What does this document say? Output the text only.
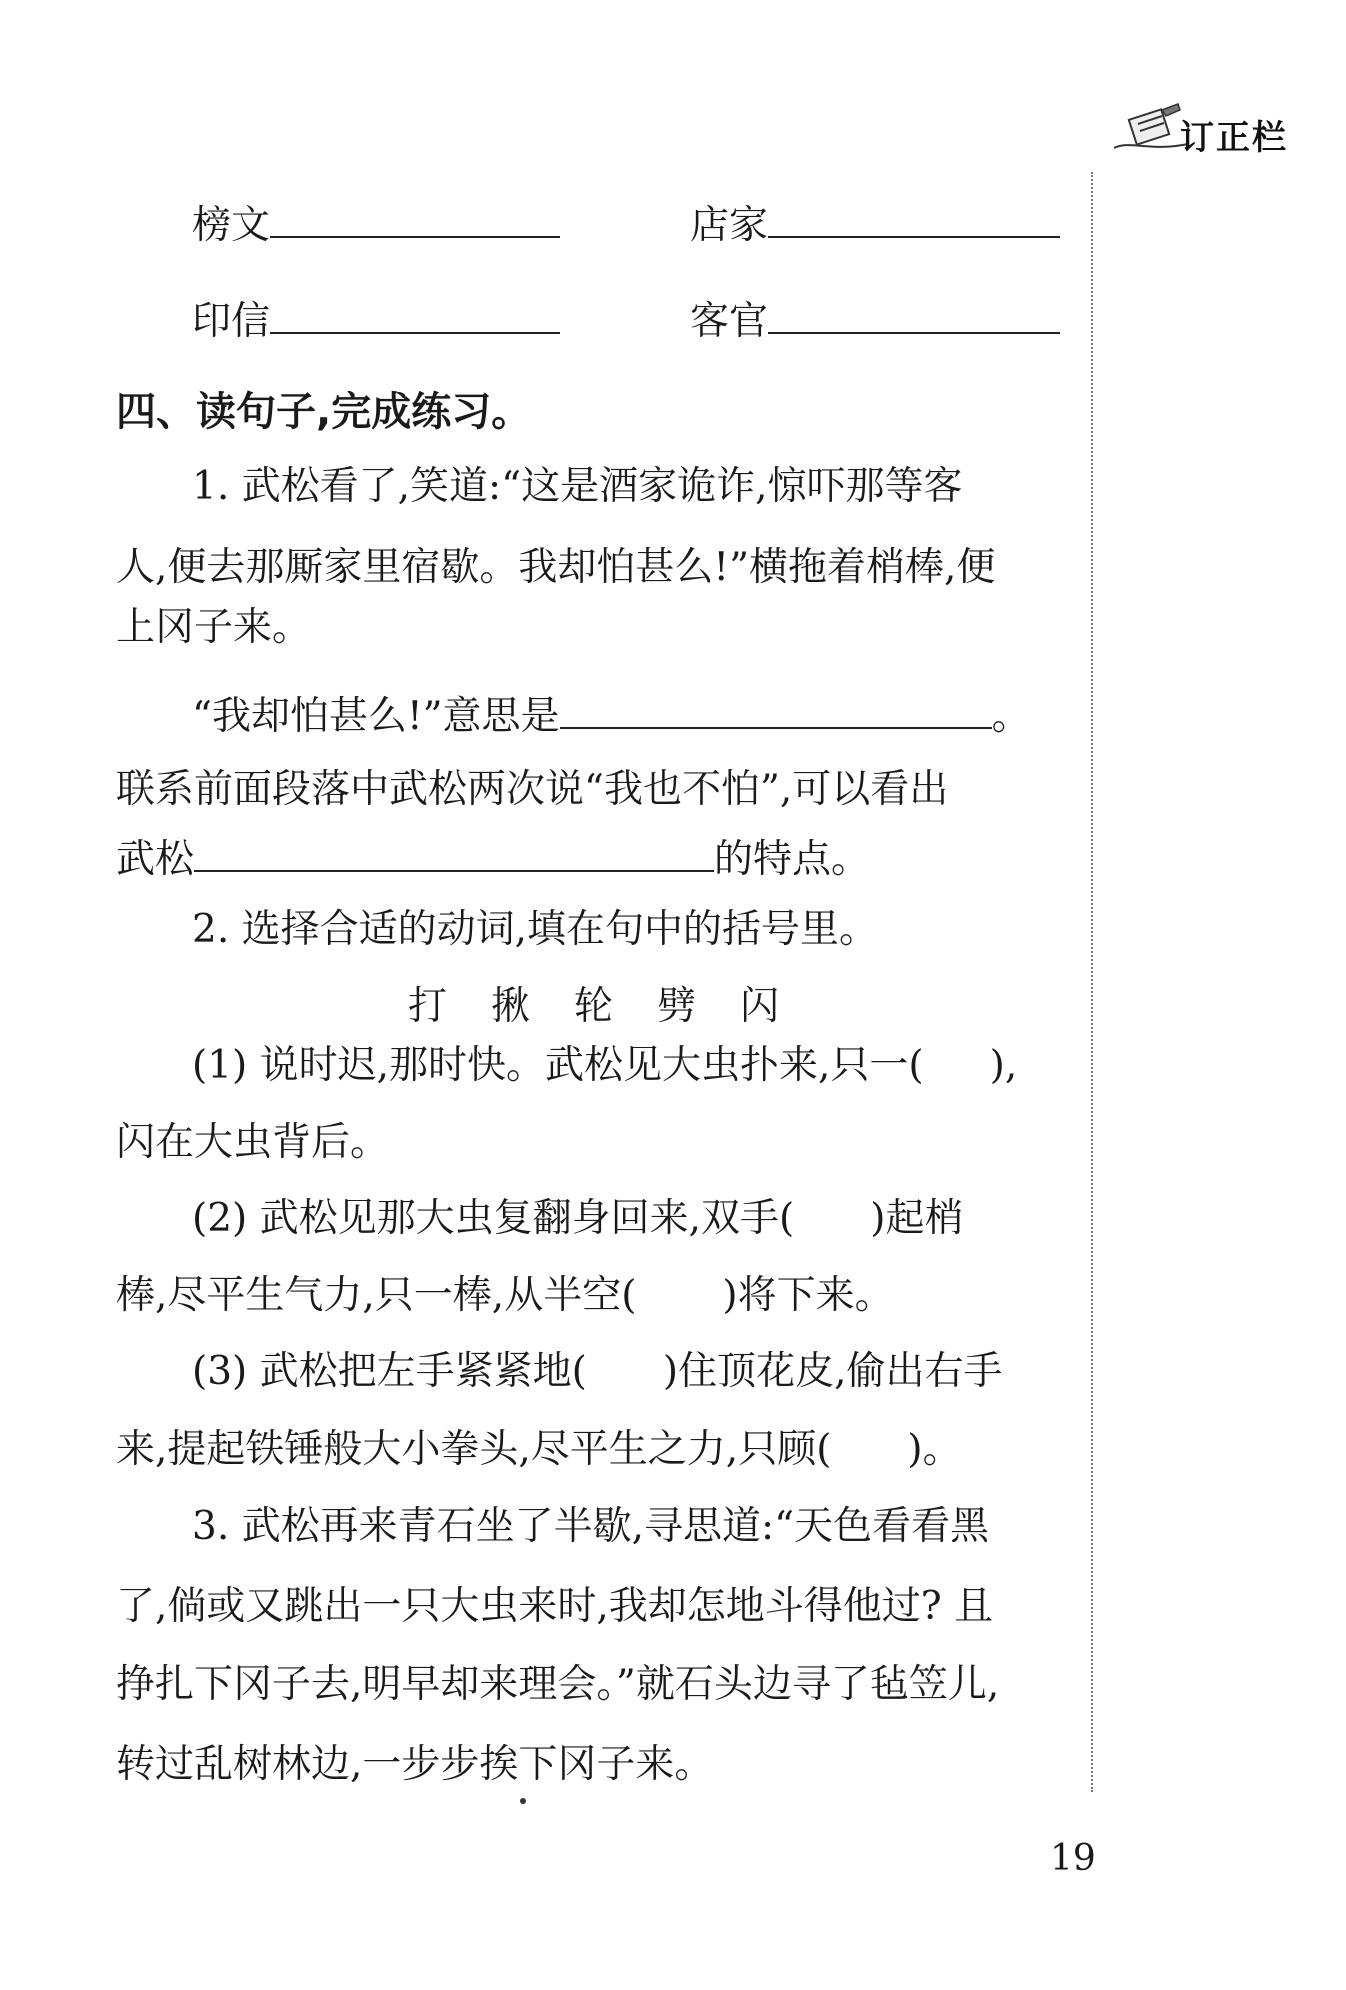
订正栏
榜文	店家
印信	客官
四、读句子,完成练习。
1. 武松看了,笑道:“这是酒家诡诈,惊吓那等客
人,便去那厮家里宿歇。我却怕甚么!”横拖着梢棒,便
上冈子来。
“我却怕甚么!”意思是	。
联系前面段落中武松两次说“我也不怕”,可以看出
武松	的特点。
2. 选择合适的动词,填在句中的括号里。
打 揪 轮 劈 闪
(1) 说时迟,那时快。武松见大虫扑来,只一( ),
闪在大虫背后。
(2) 武松见那大虫复翻身回来,双手( )起梢
棒,尽平生气力,只一棒,从半空( )将下来。
(3) 武松把左手紧紧地( )住顶花皮,偷出右手
来,提起铁锤般大小拳头,尽平生之力,只顾( )。
3. 武松再来青石坐了半歇,寻思道:“天色看看黑
了,倘或又跳出一只大虫来时,我却怎地斗得他过? 且
挣扎下冈子去,明早却来理会。”就石头边寻了毡笠儿,
转过乱树林边,一步步挨下冈子来。
19
